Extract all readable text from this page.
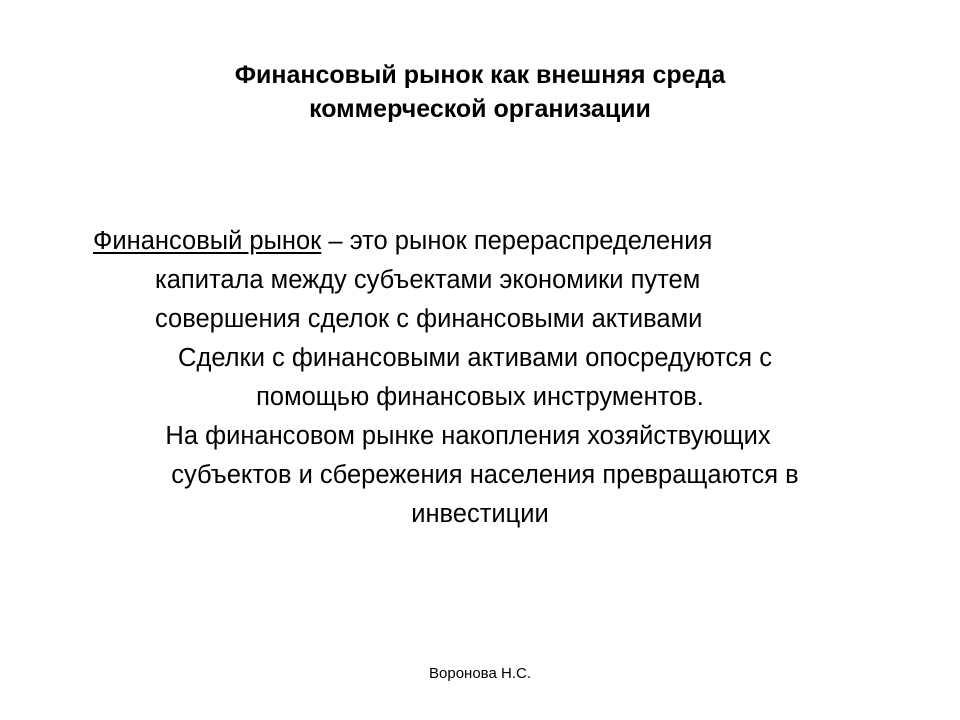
Финансовый рынок как внешняя среда
коммерческой организации

Финансовый рынок – это рынок перераспределения
капитала между субъектами экономики путем
совершения сделок с финансовыми активами

Сделки с финансовыми активами опосредуются с
помощью финансовых инструментов.

На финансовом рынке накопления хозяйствующих
субъектов и сбережения населения превращаются в
инвестиции

Воронова Н.С.
